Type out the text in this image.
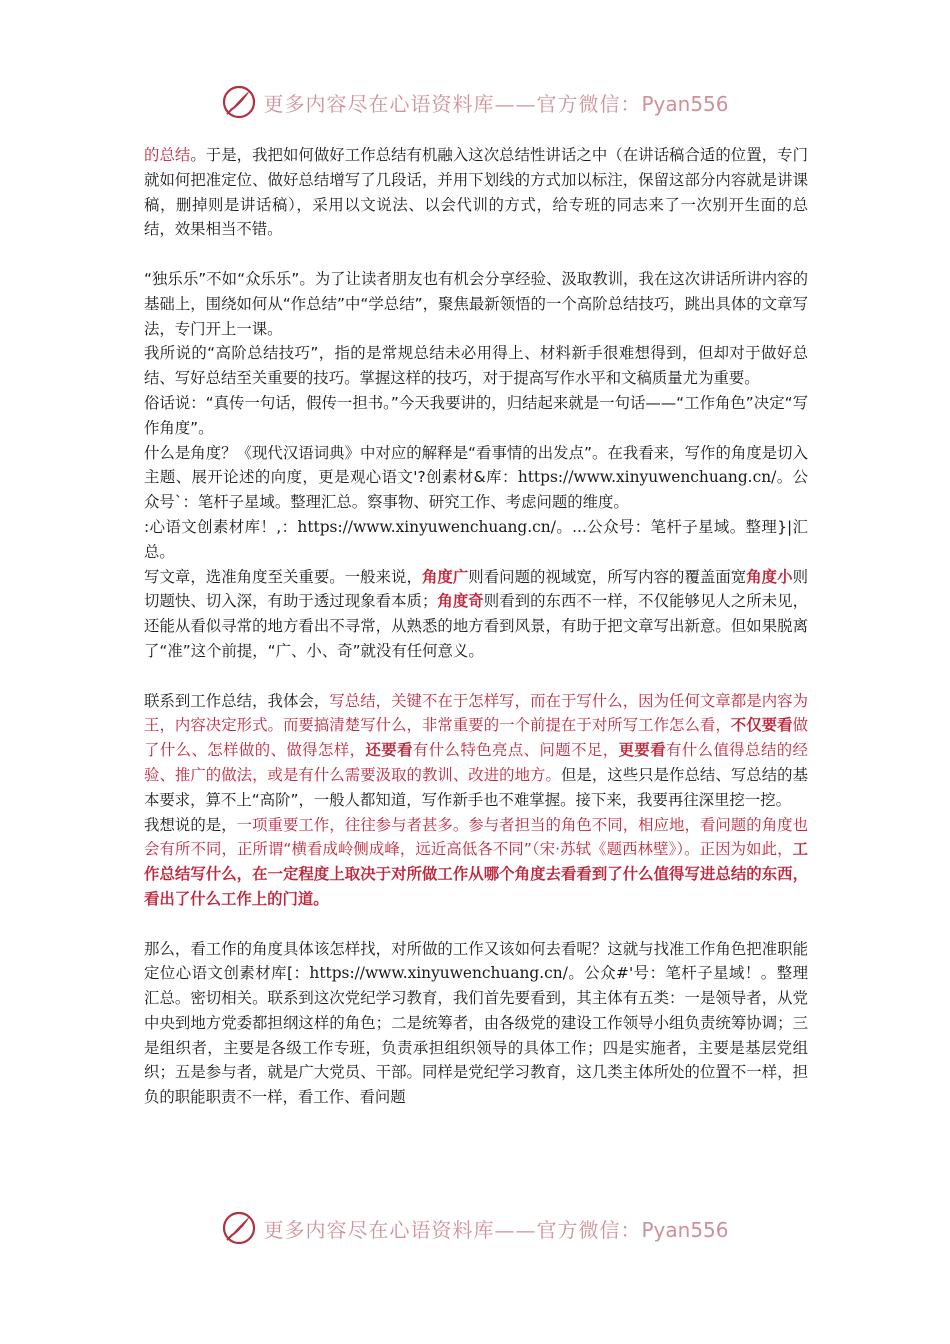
更多内容尽在心语资料库——官方微信：Pyan556

的总结。于是，我把如何做好工作总结有机融入这次总结性讲话之中（在讲话稿合适的位置，专门就如何把准定位、做好总结增写了几段话，并用下划线的方式加以标注，保留这部分内容就是讲课稿，删掉则是讲话稿），采用以文说法、以会代训的方式，给专班的同志来了一次别开生面的总结，效果相当不错。

“独乐乐”不如“众乐乐”。为了让读者朋友也有机会分享经验、汲取教训，我在这次讲话所讲内容的基础上，围绕如何从“作总结”中“学总结”，聚焦最新领悟的一个高阶总结技巧，跳出具体的文章写法，专门开上一课。

我所说的“高阶总结技巧”，指的是常规总结未必用得上、材料新手很难想得到，但却对于做好总结、写好总结至关重要的技巧。掌握这样的技巧，对于提高写作水平和文稿质量尤为重要。

俗话说：“真传一句话，假传一担书。”今天我要讲的，归结起来就是一句话——“工作角色”决定“写作角度”。

什么是角度？《现代汉语词典》中对应的解释是“看事情的出发点”。在我看来，写作的角度是切入主题、展开论述的向度，更是观心语文'?创素材&库：https://www.xinyuwenchuang.cn/。公众号`：笔杆子星域。整理汇总。察事物、研究工作、考虑问题的维度。

:心语文创素材库！,：https://www.xinyuwenchuang.cn/。...公众号：笔杆子星域。整理}|汇总。

写文章，选准角度至关重要。一般来说，角度广则看问题的视域宽，所写内容的覆盖面宽角度小则切题快、切入深，有助于透过现象看本质；角度奇则看到的东西不一样，不仅能够见人之所未见，还能从看似寻常的地方看出不寻常，从熟悉的地方看到风景，有助于把文章写出新意。但如果脱离了“准”这个前提，“广、小、奇”就没有任何意义。

联系到工作总结，我体会，写总结，关键不在于怎样写，而在于写什么，因为任何文章都是内容为王，内容决定形式。而要搞清楚写什么，非常重要的一个前提在于对所写工作怎么看，不仅要看做了什么、怎样做的、做得怎样，还要看有什么特色亮点、问题不足，更要看有什么值得总结的经验、推广的做法，或是有什么需要汲取的教训、改进的地方。但是，这些只是作总结、写总结的基本要求，算不上“高阶”，一般人都知道，写作新手也不难掌握。接下来，我要再往深里挖一挖。

我想说的是，一项重要工作，往往参与者甚多。参与者担当的角色不同，相应地，看问题的角度也会有所不同，正所谓“横看成岭侧成峰，远近高低各不同”（宋·苏轼《题西林壁》）。正因为如此，工作总结写什么，在一定程度上取决于对所做工作从哪个角度去看看到了什么值得写进总结的东西，看出了什么工作上的门道。

那么，看工作的角度具体该怎样找，对所做的工作又该如何去看呢？这就与找准工作角色把准职能定位心语文创素材库[：https://www.xinyuwenchuang.cn/。公众#'号：笔杆子星域！。整理汇总。密切相关。联系到这次党纪学习教育，我们首先要看到，其主体有五类：一是领导者，从党中央到地方党委都担纲这样的角色；二是统筹者，由各级党的建设工作领导小组负责统筹协调；三是组织者，主要是各级工作专班，负责承担组织领导的具体工作；四是实施者，主要是基层党组织；五是参与者，就是广大党员、干部。同样是党纪学习教育，这几类主体所处的位置不一样，担负的职能职责不一样，看工作、看问题

更多内容尽在心语资料库——官方微信：Pyan556
